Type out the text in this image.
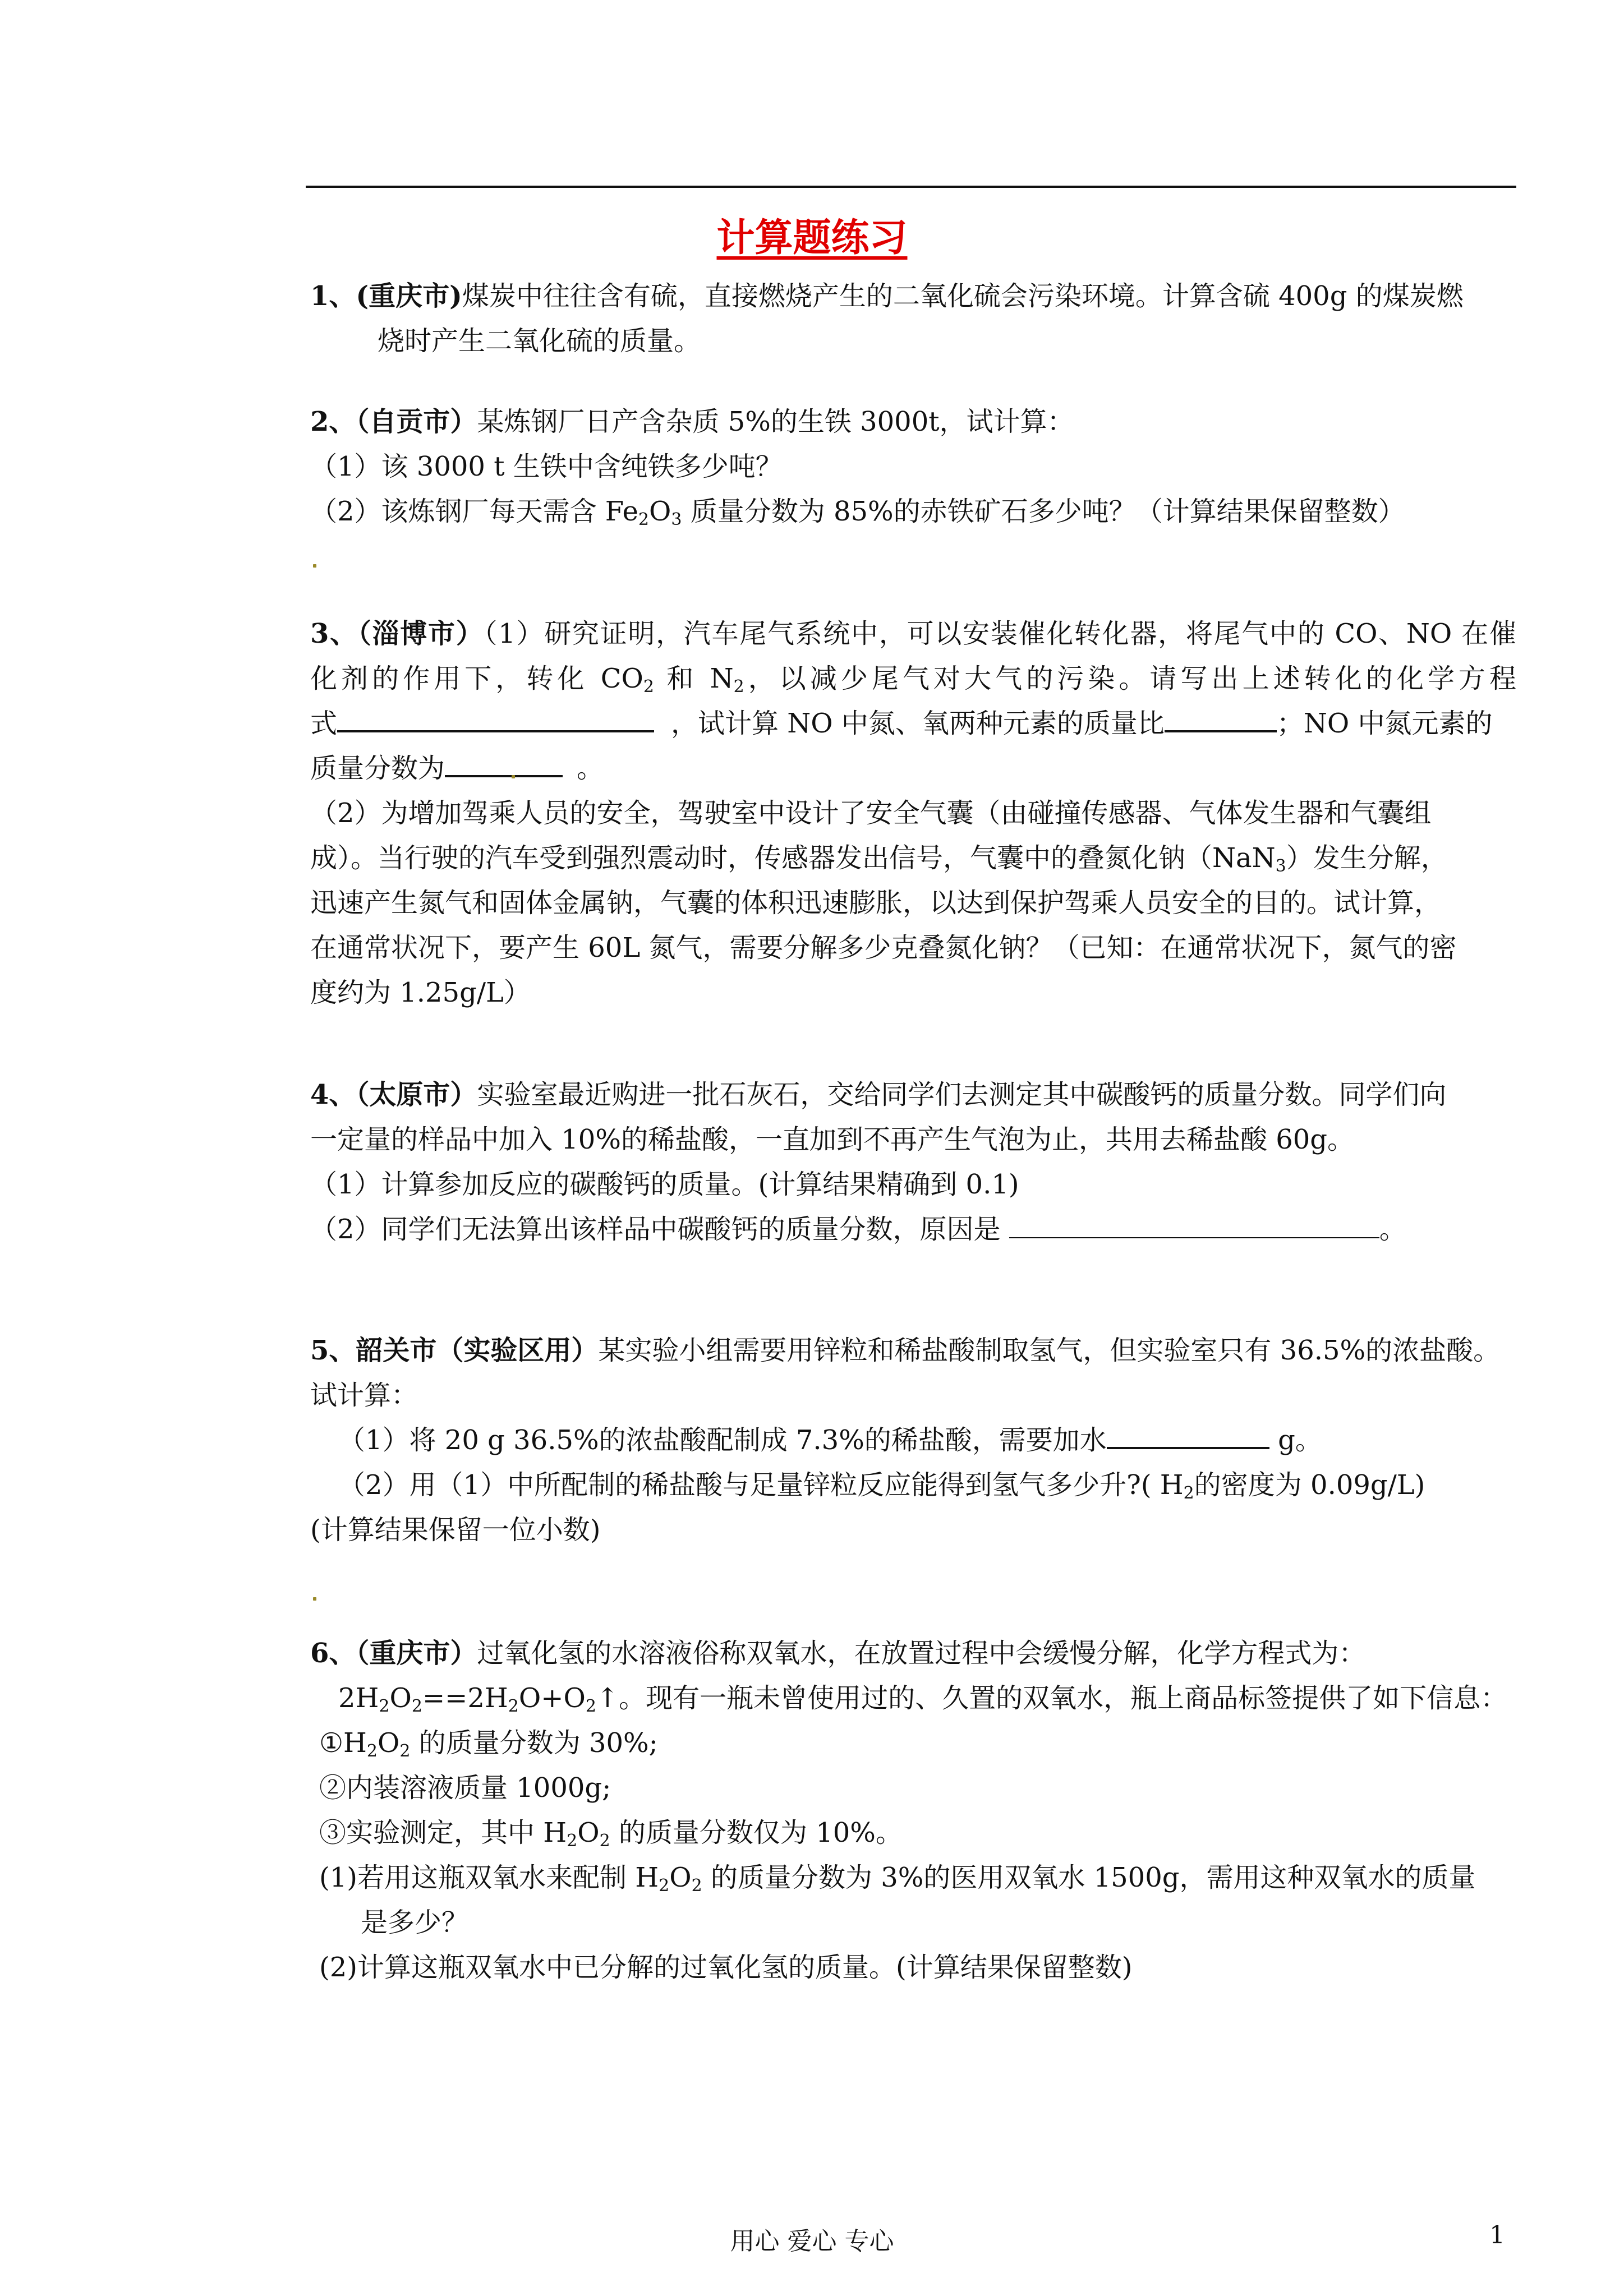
计算题练习
1、(重庆市)煤炭中往往含有硫，直接燃烧产生的二氧化硫会污染环境。计算含硫 400g 的煤炭燃
烧时产生二氧化硫的质量。
2、（自贡市）某炼钢厂日产含杂质 5%的生铁 3000t，试计算：
（1）该 3000 t 生铁中含纯铁多少吨？
（2）该炼钢厂每天需含 $Fe_2O_3$ 质量分数为 85%的赤铁矿石多少吨？（计算结果保留整数）
3、（淄博市）（1）研究证明，汽车尾气系统中，可以安装催化转化器，将尾气中的 CO、NO 在催
化剂的作用下，转化 $CO_2$ 和 $N_2$，以减少尾气对大气的污染。请写出上述转化的化学方程
式	，试计算 NO 中氮、氧两种元素的质量比	；NO 中氮元素的
质量分数为	。
（2）为增加驾乘人员的安全，驾驶室中设计了安全气囊（由碰撞传感器、气体发生器和气囊组
成）。当行驶的汽车受到强烈震动时，传感器发出信号，气囊中的叠氮化钠（NaN$_3$）发生分解，
迅速产生氮气和固体金属钠，气囊的体积迅速膨胀，以达到保护驾乘人员安全的目的。试计算，
在通常状况下，要产生 60L 氮气，需要分解多少克叠氮化钠？（已知：在通常状况下，氮气的密
度约为 1.25g/L）
4、（太原市）实验室最近购进一批石灰石，交给同学们去测定其中碳酸钙的质量分数。同学们向
一定量的样品中加入 10%的稀盐酸，一直加到不再产生气泡为止，共用去稀盐酸 60g。
（1）计算参加反应的碳酸钙的质量。(计算结果精确到 0.1)
（2）同学们无法算出该样品中碳酸钙的质量分数，原因是	。
5、韶关市（实验区用）某实验小组需要用锌粒和稀盐酸制取氢气，但实验室只有 36.5%的浓盐酸。
试计算：
（1）将 20 g 36.5%的浓盐酸配制成 7.3%的稀盐酸，需要加水	g。
（2）用（1）中所配制的稀盐酸与足量锌粒反应能得到氢气多少升?( $H_2$的密度为 0.09g/L)
(计算结果保留一位小数)
6、（重庆市）过氧化氢的水溶液俗称双氧水，在放置过程中会缓慢分解，化学方程式为：
$2H_2O_2==2H_2O+O_2↑$。现有一瓶未曾使用过的、久置的双氧水，瓶上商品标签提供了如下信息：
$①H_2O_2$ 的质量分数为 30%;
②内装溶液质量 1000g;
③实验测定，其中 $H_2O_2$ 的质量分数仅为 10%。
(1)若用这瓶双氧水来配制 $H_2O_2$ 的质量分数为 3%的医用双氧水 1500g，需用这种双氧水的质量
是多少？
(2)计算这瓶双氧水中已分解的过氧化氢的质量。(计算结果保留整数)
用心 爱心 专心	1
